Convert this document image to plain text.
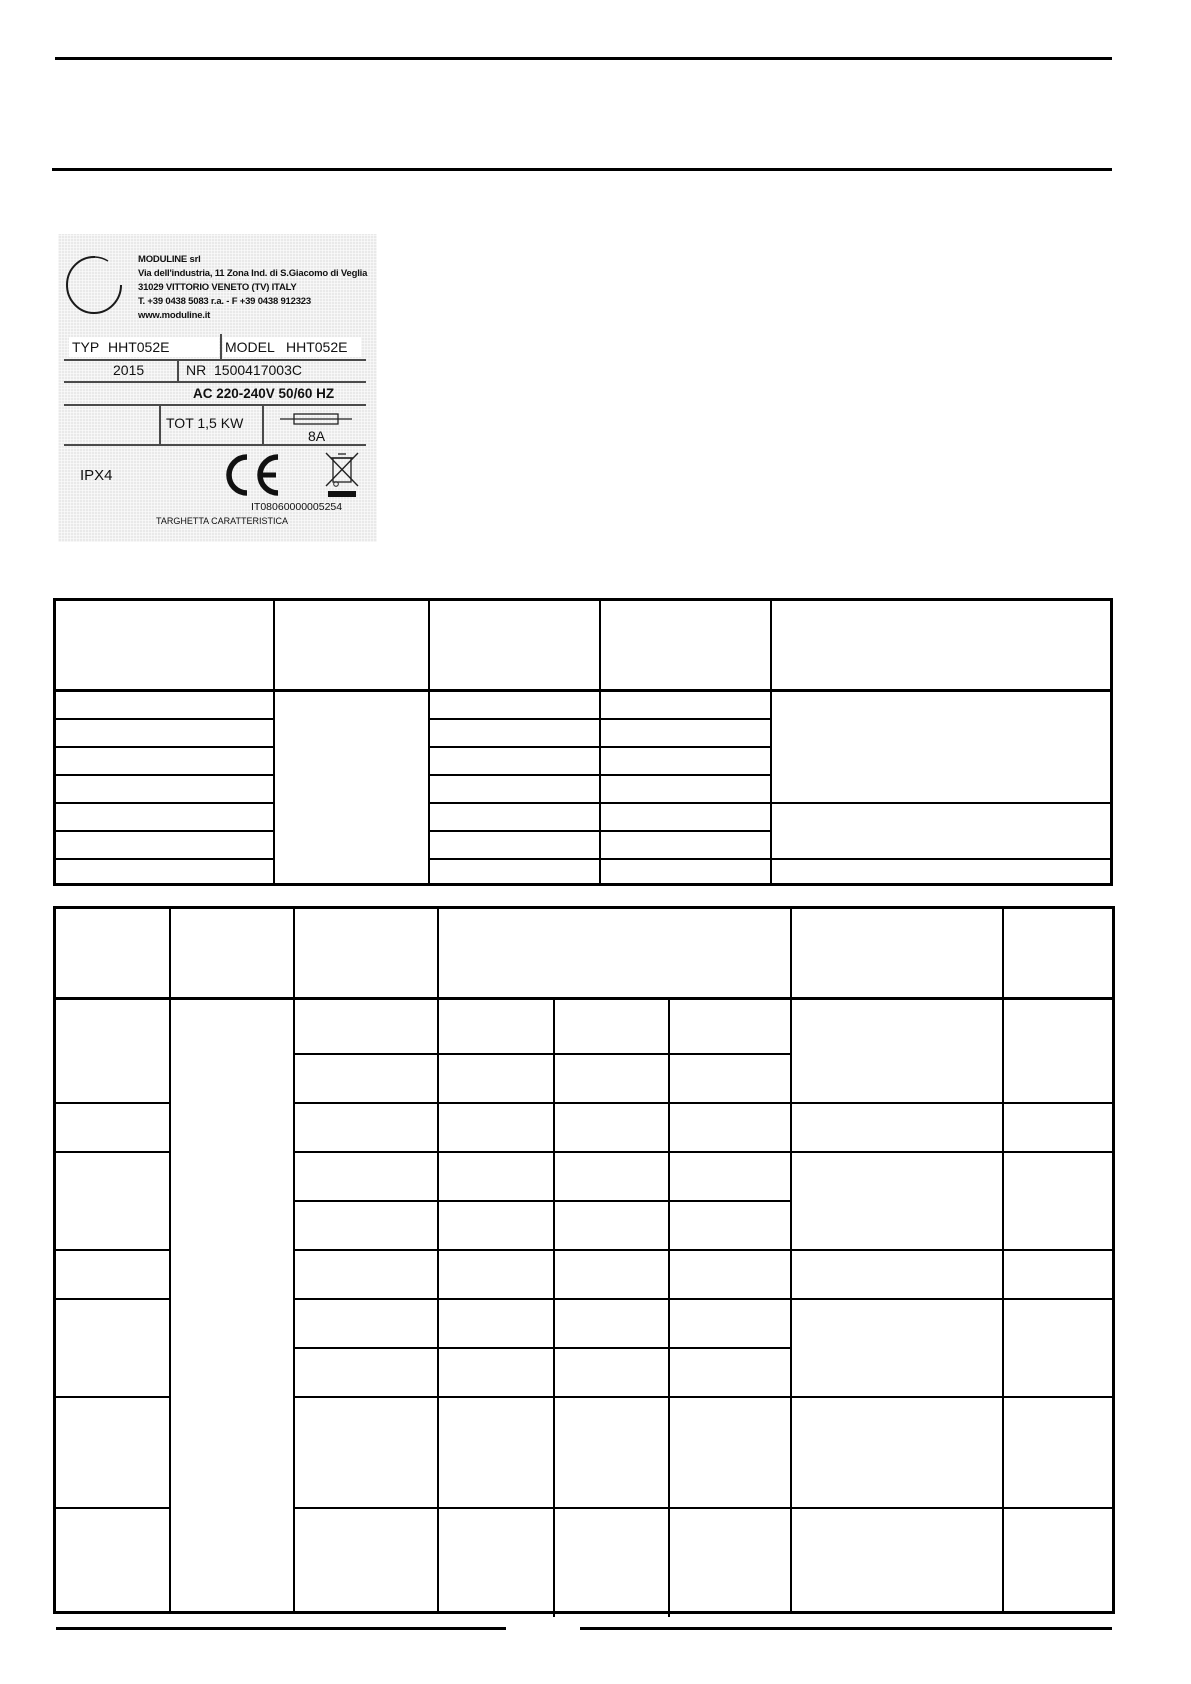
MODULINE srl
Via dell'industria, 11 Zona Ind. di S.Giacomo di Veglia
31029 VITTORIO VENETO (TV) ITALY
T. +39 0438 5083 r.a. - F +39 0438 912323
www.moduline.it
TYP HHT052E	MODEL HHT052E
2015	NR 1500417003C
AC 220-240V 50/60 HZ
TOT 1,5 KW
8A
IPX4
IT08060000005254
TARGHETTA CARATTERISTICA
